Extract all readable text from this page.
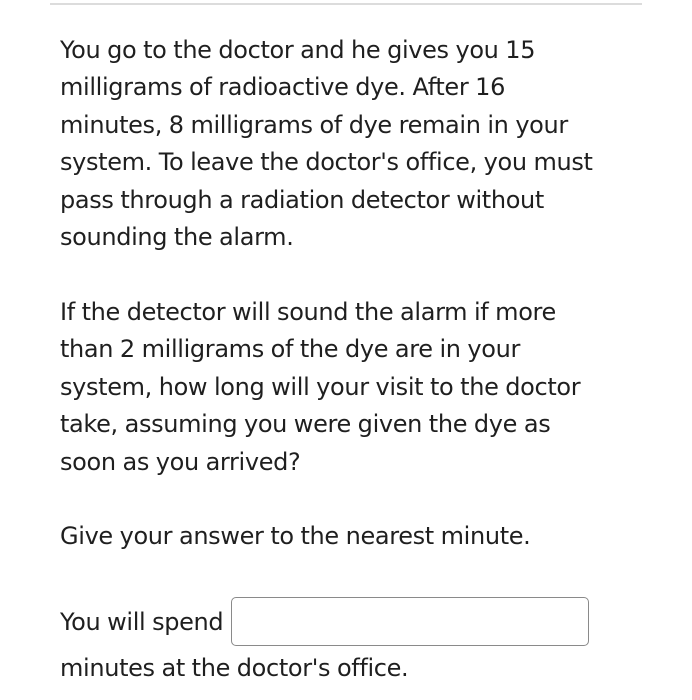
You go to the doctor and he gives you 15
milligrams of radioactive dye. After 16
minutes, 8 milligrams of dye remain in your
system. To leave the doctor's office, you must
pass through a radiation detector without
sounding the alarm.

If the detector will sound the alarm if more
than 2 milligrams of the dye are in your
system, how long will your visit to the doctor
take, assuming you were given the dye as
soon as you arrived?

Give your answer to the nearest minute.

You will spend
minutes at the doctor's office.
